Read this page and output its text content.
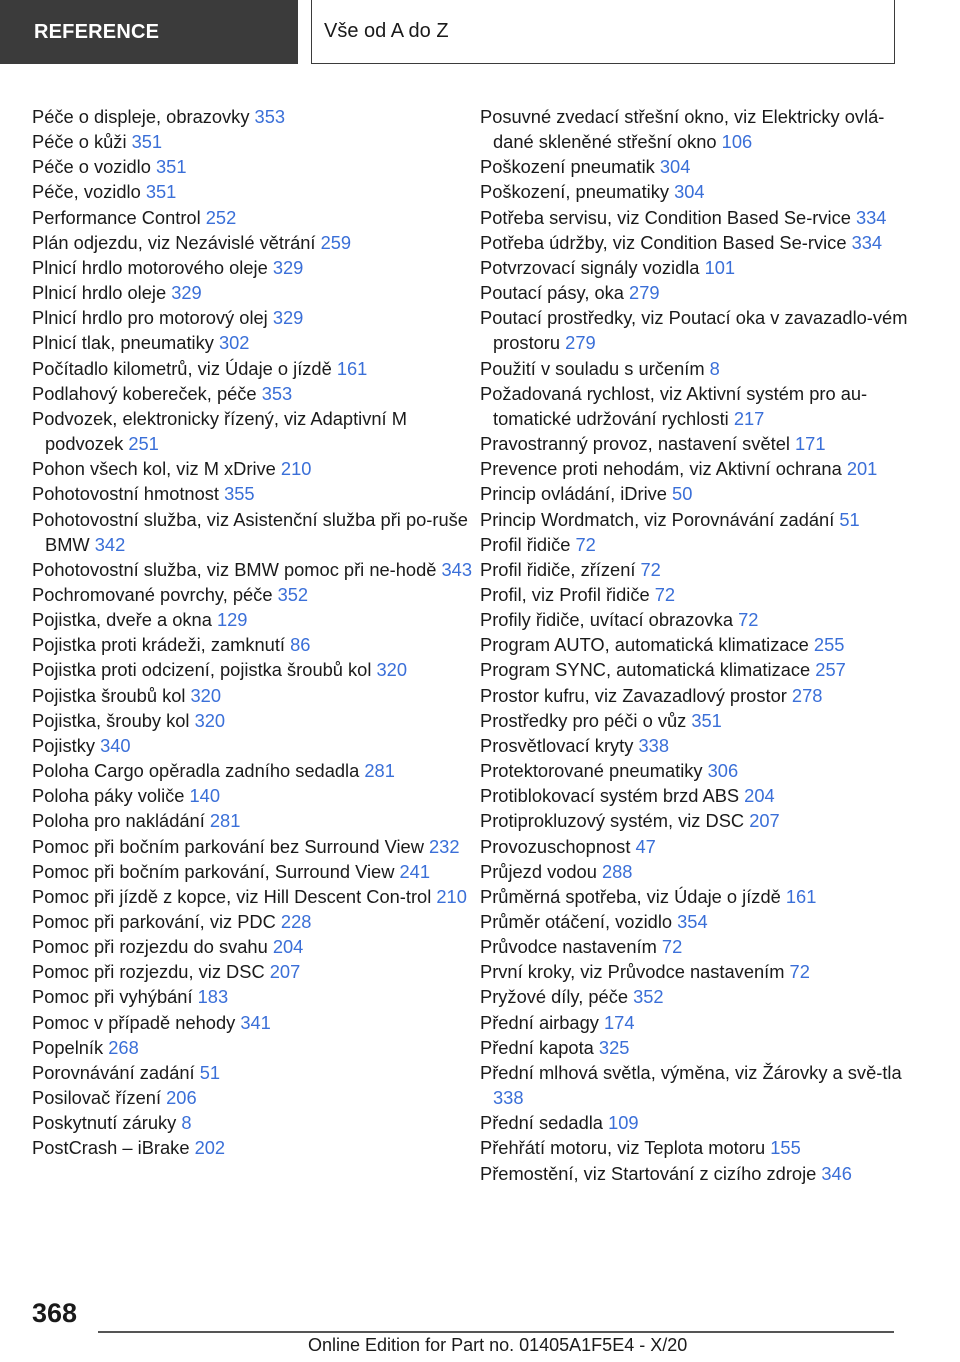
REFERENCE	Vše od A do Z
Péče o displeje, obrazovky 353
Péče o kůži 351
Péče o vozidlo 351
Péče, vozidlo 351
Performance Control 252
Plán odjezdu, viz Nezávislé větrání 259
Plnicí hrdlo motorového oleje 329
Plnicí hrdlo oleje 329
Plnicí hrdlo pro motorový olej 329
Plnicí tlak, pneumatiky 302
Počítadlo kilometrů, viz Údaje o jízdě 161
Podlahový kobereček, péče 353
Podvozek, elektronicky řízený, viz Adaptivní M podvozek 251
Pohon všech kol, viz M xDrive 210
Pohotovostní hmotnost 355
Pohotovostní služba, viz Asistenční služba při po‐ruše BMW 342
Pohotovostní služba, viz BMW pomoc při ne‐hodě 343
Pochromované povrchy, péče 352
Pojistka, dveře a okna 129
Pojistka proti krádeži, zamknutí 86
Pojistka proti odcizení, pojistka šroubů kol 320
Pojistka šroubů kol 320
Pojistka, šrouby kol 320
Pojistky 340
Poloha Cargo opěradla zadního sedadla 281
Poloha páky voliče 140
Poloha pro nakládání 281
Pomoc při bočním parkování bez Surround View 232
Pomoc při bočním parkování, Surround View 241
Pomoc při jízdě z kopce, viz Hill Descent Con‐trol 210
Pomoc při parkování, viz PDC 228
Pomoc při rozjezdu do svahu 204
Pomoc při rozjezdu, viz DSC 207
Pomoc při vyhýbání 183
Pomoc v případě nehody 341
Popelník 268
Porovnávání zadání 51
Posilovač řízení 206
Poskytnutí záruky 8
PostCrash – iBrake 202
Posuvné zvedací střešní okno, viz Elektricky ovlá‐dané skleněné střešní okno 106
Poškození pneumatik 304
Poškození, pneumatiky 304
Potřeba servisu, viz Condition Based Se‐rvice 334
Potřeba údržby, viz Condition Based Se‐rvice 334
Potvrzovací signály vozidla 101
Poutací pásy, oka 279
Poutací prostředky, viz Poutací oka v zavazadlo‐vém prostoru 279
Použití v souladu s určením 8
Požadovaná rychlost, viz Aktivní systém pro au‐tomatické udržování rychlosti 217
Pravostranný provoz, nastavení světel 171
Prevence proti nehodám, viz Aktivní ochrana 201
Princip ovládání, iDrive 50
Princip Wordmatch, viz Porovnávání zadání 51
Profil řidiče 72
Profil řidiče, zřízení 72
Profil, viz Profil řidiče 72
Profily řidiče, uvítací obrazovka 72
Program AUTO, automatická klimatizace 255
Program SYNC, automatická klimatizace 257
Prostor kufru, viz Zavazadlový prostor 278
Prostředky pro péči o vůz 351
Prosvětlovací kryty 338
Protektorované pneumatiky 306
Protiblokovací systém brzd ABS 204
Protiprokluzový systém, viz DSC 207
Provozuschopnost 47
Průjezd vodou 288
Průměrná spotřeba, viz Údaje o jízdě 161
Průměr otáčení, vozidlo 354
Průvodce nastavením 72
První kroky, viz Průvodce nastavením 72
Pryžové díly, péče 352
Přední airbagy 174
Přední kapota 325
Přední mlhová světla, výměna, viz Žárovky a svě‐tla 338
Přední sedadla 109
Přehřátí motoru, viz Teplota motoru 155
Přemostění, viz Startování z cizího zdroje 346
368
Online Edition for Part no. 01405A1F5E4 - X/20
